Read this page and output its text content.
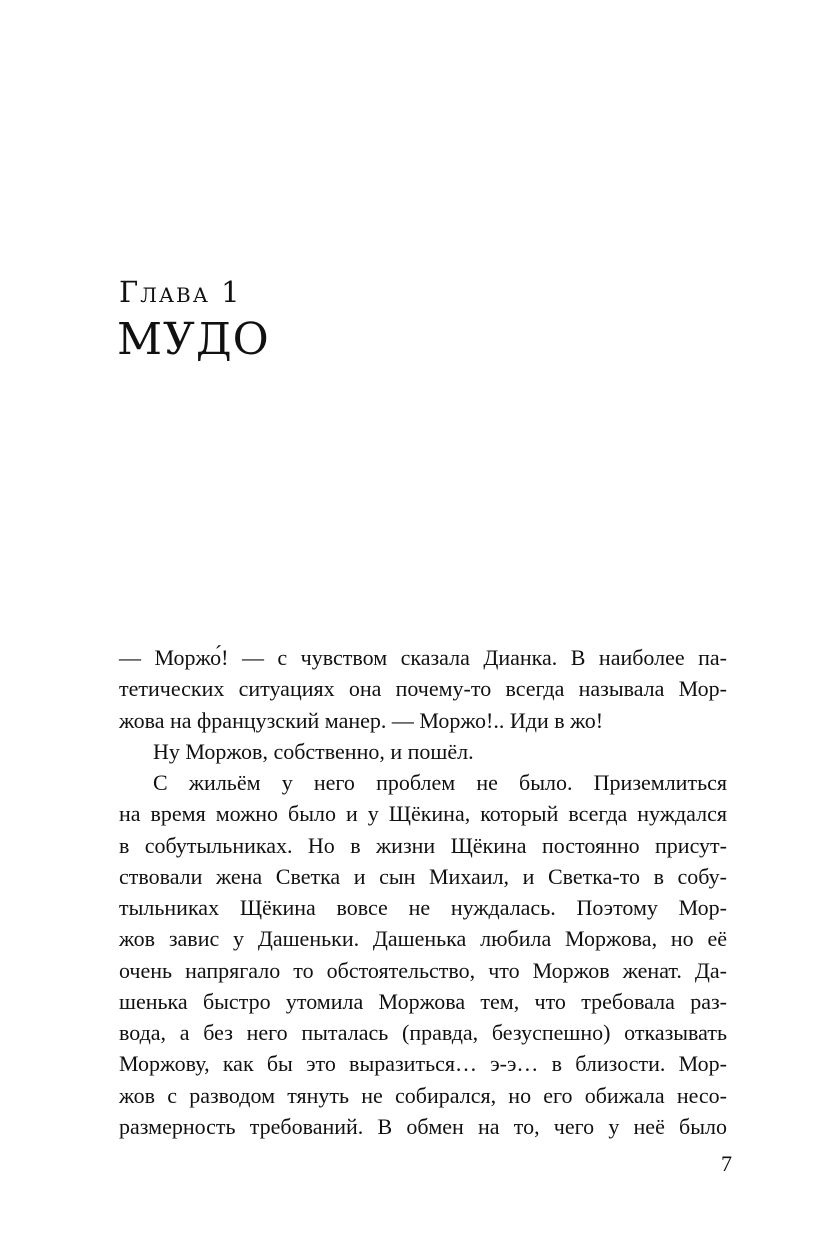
Глава 1
МУДО
— Моржо́! — с чувством сказала Дианка. В наиболее па-
тетических ситуациях она почему-то всегда называла Мор-
жова на французский манер. — Моржо!.. Иди в жо!
Ну Моржов, собственно, и пошёл.
С жильём у него проблем не было. Приземлиться
на время можно было и у Щёкина, который всегда нуждался
в собутыльниках. Но в жизни Щёкина постоянно присут-
ствовали жена Светка и сын Михаил, и Светка-то в собу-
тыльниках Щёкина вовсе не нуждалась. Поэтому Мор-
жов завис у Дашеньки. Дашенька любила Моржова, но её
очень напрягало то обстоятельство, что Моржов женат. Да-
шенька быстро утомила Моржова тем, что требовала раз-
вода, а без него пыталась (правда, безуспешно) отказывать
Моржову, как бы это выразиться… э-э… в близости. Мор-
жов с разводом тянуть не собирался, но его обижала несо-
размерность требований. В обмен на то, чего у неё было
7
